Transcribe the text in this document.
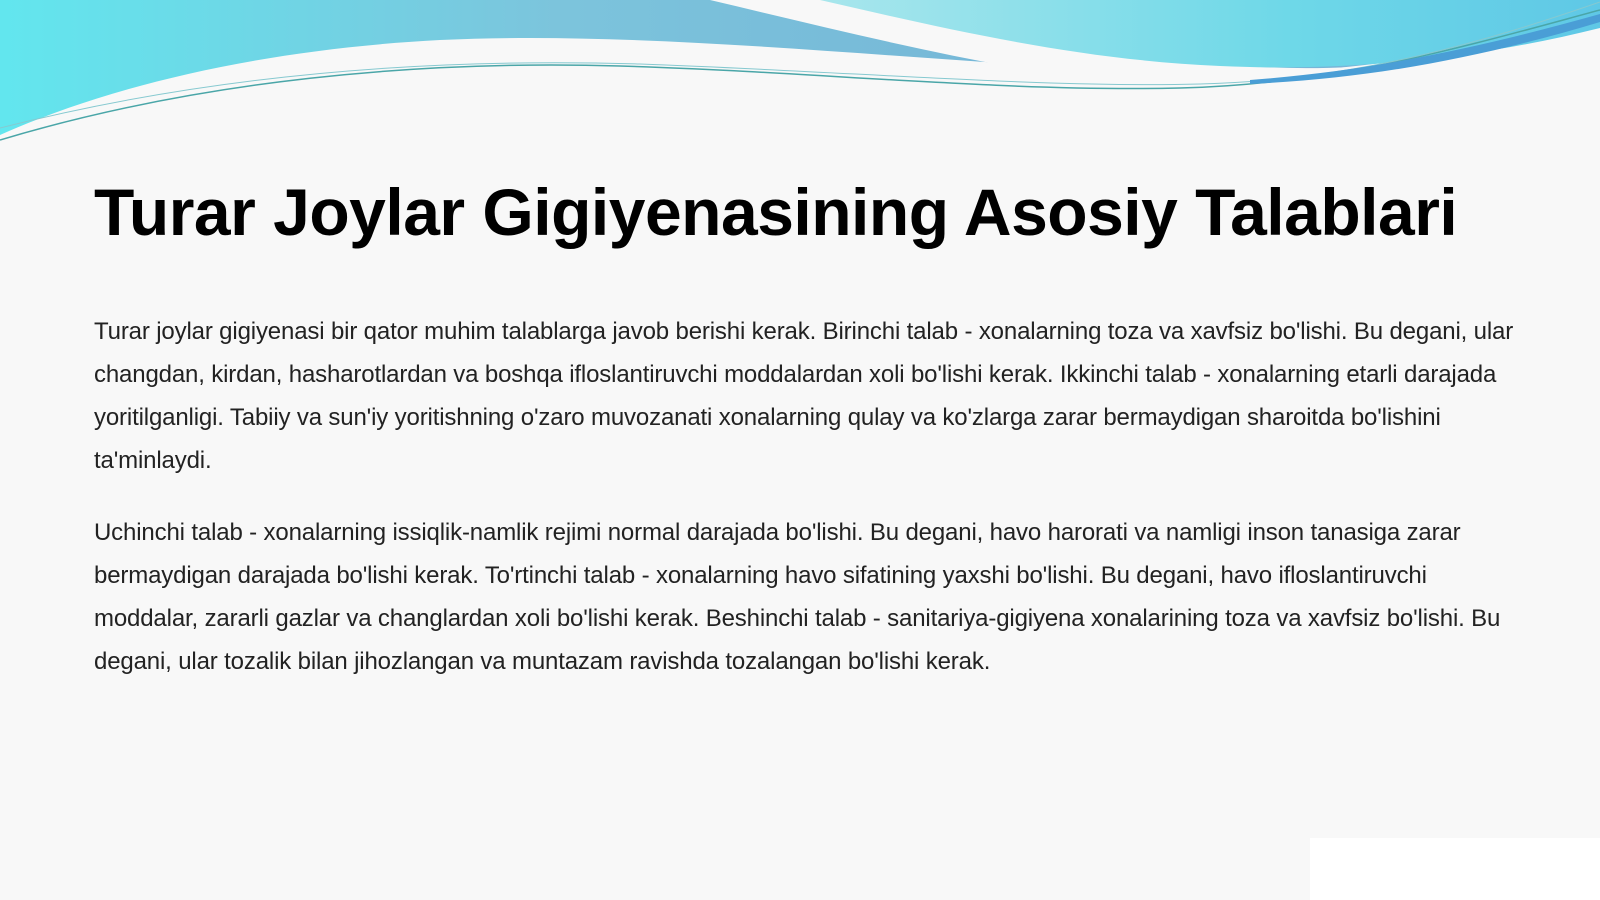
Turar Joylar Gigiyenasining Asosiy Talablari

Turar joylar gigiyenasi bir qator muhim talablarga javob berishi kerak. Birinchi talab - xonalarning toza va xavfsiz bo'lishi. Bu degani, ular changdan, kirdan, hasharotlardan va boshqa ifloslantiruvchi moddalardan xoli bo'lishi kerak. Ikkinchi talab - xonalarning etarli darajada yoritilganligi. Tabiiy va sun'iy yoritishning o'zaro muvozanati xonalarning qulay va ko'zlarga zarar bermaydigan sharoitda bo'lishini ta'minlaydi.

Uchinchi talab - xonalarning issiqlik-namlik rejimi normal darajada bo'lishi. Bu degani, havo harorati va namligi inson tanasiga zarar bermaydigan darajada bo'lishi kerak. To'rtinchi talab - xonalarning havo sifatining yaxshi bo'lishi. Bu degani, havo ifloslantiruvchi moddalar, zararli gazlar va changlardan xoli bo'lishi kerak. Beshinchi talab - sanitariya-gigiyena xonalarining toza va xavfsiz bo'lishi. Bu degani, ular tozalik bilan jihozlangan va muntazam ravishda tozalangan bo'lishi kerak.
